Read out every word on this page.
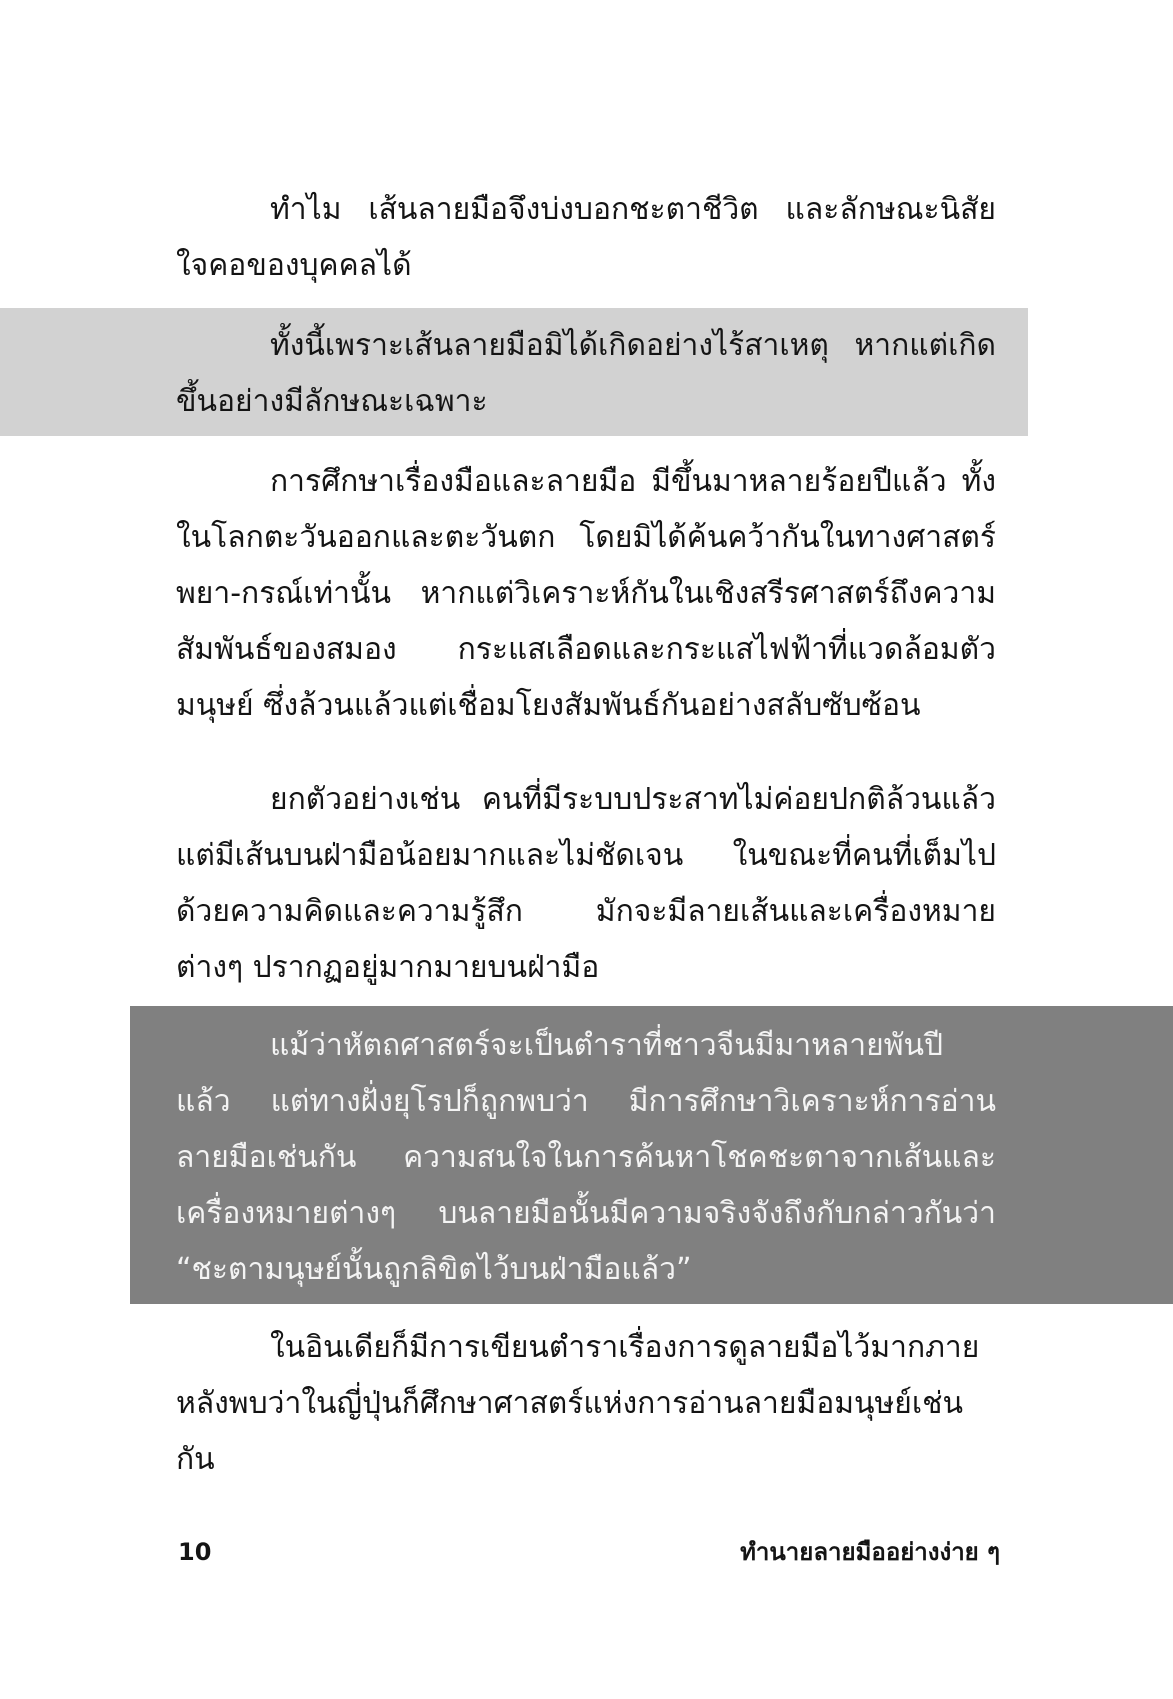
ทำไม เส้นลายมือจึงบ่งบอกชะตาชีวิต และลักษณะนิสัยใจคอของบุคคลได้

ทั้งนี้เพราะเส้นลายมือมิได้เกิดอย่างไร้สาเหตุ หากแต่เกิดขึ้นอย่างมีลักษณะเฉพาะ

การศึกษาเรื่องมือและลายมือ มีขึ้นมาหลายร้อยปีแล้ว ทั้งในโลกตะวันออกและตะวันตก โดยมิได้ค้นคว้ากันในทางศาสตร์พยา-กรณ์เท่านั้น หากแต่วิเคราะห์กันในเชิงสรีรศาสตร์ถึงความสัมพันธ์ของสมอง กระแสเลือดและกระแสไฟฟ้าที่แวดล้อมตัวมนุษย์ ซึ่งล้วนแล้วแต่เชื่อมโยงสัมพันธ์กันอย่างสลับซับซ้อน

ยกตัวอย่างเช่น คนที่มีระบบประสาทไม่ค่อยปกติล้วนแล้วแต่มีเส้นบนฝ่ามือน้อยมากและไม่ชัดเจน ในขณะที่คนที่เต็มไปด้วยความคิดและความรู้สึก มักจะมีลายเส้นและเครื่องหมายต่างๆ ปรากฏอยู่มากมายบนฝ่ามือ

แม้ว่าหัตถศาสตร์จะเป็นตำราที่ชาวจีนมีมาหลายพันปีแล้ว แต่ทางฝั่งยุโรปก็ถูกพบว่า มีการศึกษาวิเคราะห์การอ่านลายมือเช่นกัน ความสนใจในการค้นหาโชคชะตาจากเส้นและเครื่องหมายต่างๆ บนลายมือนั้นมีความจริงจังถึงกับกล่าวกันว่า “ชะตามนุษย์นั้นถูกลิขิตไว้บนฝ่ามือแล้ว”

ในอินเดียก็มีการเขียนตำราเรื่องการดูลายมือไว้มากภายหลังพบว่าในญี่ปุ่นก็ศึกษาศาสตร์แห่งการอ่านลายมือมนุษย์เช่นกัน

10	ทำนายลายมืออย่างง่าย ๆ
